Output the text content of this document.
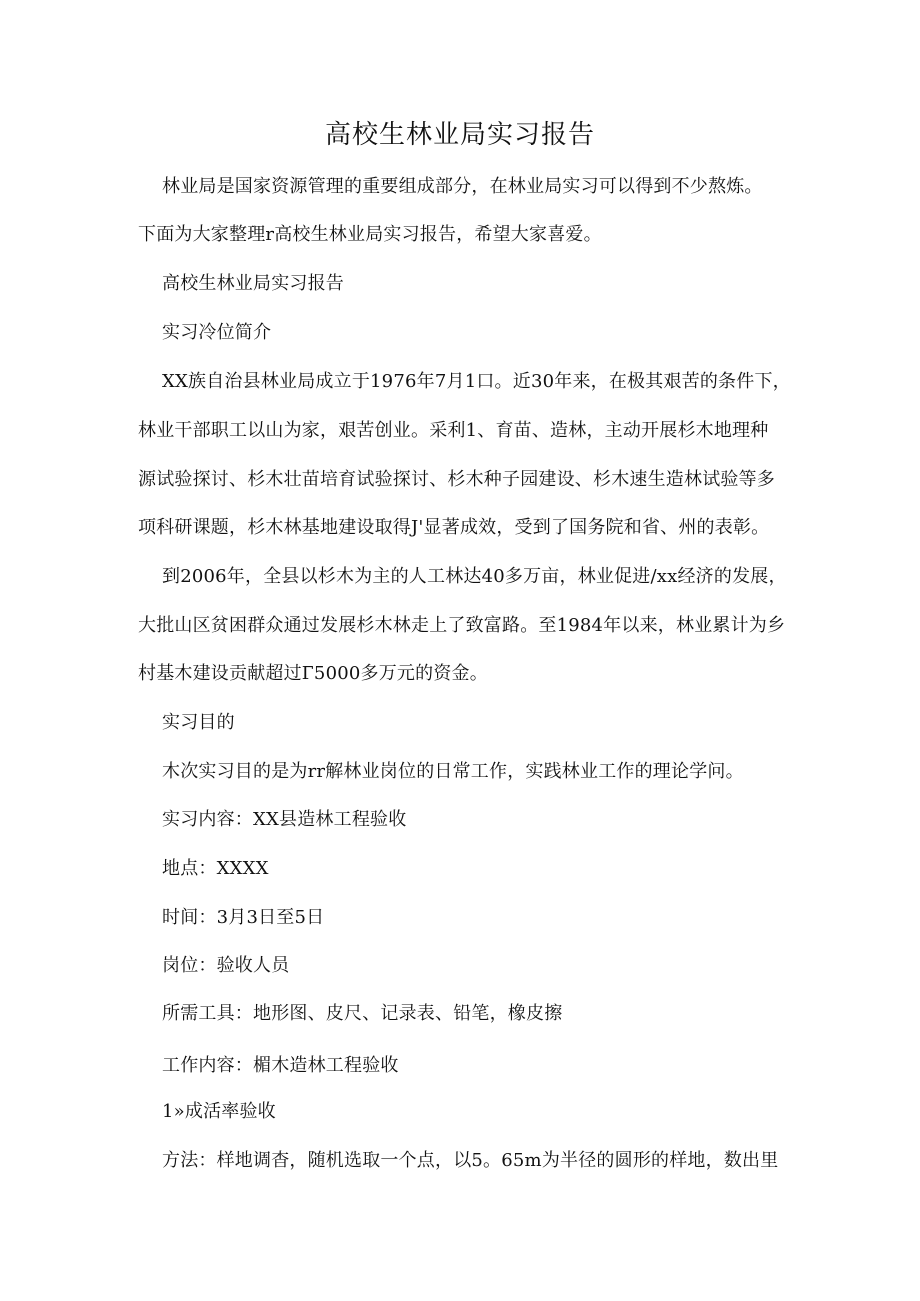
高校生林业局实习报告
林业局是国家资源管理的重要组成部分，在林业局实习可以得到不少熬炼。
下面为大家整理r高校生林业局实习报告，希望大家喜爱。
高校生林业局实习报告
实习冷位简介
XX族自治县林业局成立于1976年7月1口。近30年来，在极其艰苦的条件下，
林业干部职工以山为家，艰苦创业。采利1、育苗、造林，主动开展杉木地理种
源试验探讨、杉木壮苗培育试验探讨、杉木种子园建设、杉木速生造林试验等多
项科研课题，杉木林基地建设取得J'显著成效，受到了国务院和省、州的表彰。
到2006年，全县以杉木为主的人工林达40多万亩，林业促进/xx经济的发展，
大批山区贫困群众通过发展杉木林走上了致富路。至1984年以来，林业累计为乡
村基木建设贡献超过Г5000多万元的资金。
实习目的
木次实习目的是为rr解林业岗位的日常工作，实践林业工作的理论学问。
实习内容：XX县造林工程验收
地点：XXXX
时间：3月3日至5日
岗位：验收人员
所需工具：地形图、皮尺、记录表、铅笔，橡皮擦
工作内容：楣木造林工程验收
1»成活率验收
方法：样地调杳，随机选取一个点，以5。65m为半径的圆形的样地，数出里
